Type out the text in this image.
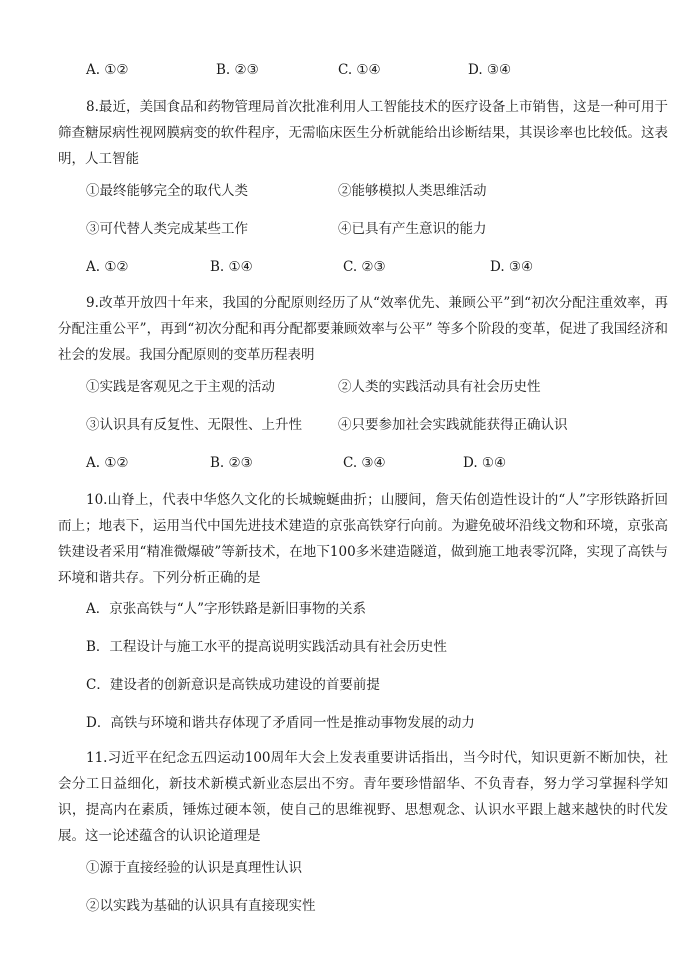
A. ①②	B. ②③	C. ①④	D. ③④
8.最近，美国食品和药物管理局首次批准利用人工智能技术的医疗设备上市销售，这是一种可用于筛查糖尿病性视网膜病变的软件程序，无需临床医生分析就能给出诊断结果，其误诊率也比较低。这表明，人工智能
①最终能够完全的取代人类	②能够模拟人类思维活动
③可代替人类完成某些工作	④已具有产生意识的能力
A. ①②	B. ①④	C. ②③	D. ③④
9.改革开放四十年来，我国的分配原则经历了从“效率优先、兼顾公平”到“初次分配注重效率，再分配注重公平”，再到“初次分配和再分配都要兼顾效率与公平” 等多个阶段的变革，促进了我国经济和社会的发展。我国分配原则的变革历程表明
①实践是客观见之于主观的活动	②人类的实践活动具有社会历史性
③认识具有反复性、无限性、上升性	④只要参加社会实践就能获得正确认识
A. ①②	B. ②③	C. ③④	D. ①④
10.山脊上，代表中华悠久文化的长城蜿蜒曲折；山腰间，詹天佑创造性设计的“人”字形铁路折回而上；地表下，运用当代中国先进技术建造的京张高铁穿行向前。为避免破坏沿线文物和环境，京张高铁建设者采用“精准微爆破”等新技术，在地下100多米建造隧道，做到施工地表零沉降，实现了高铁与环境和谐共存。下列分析正确的是
A．京张高铁与“人”字形铁路是新旧事物的关系
B．工程设计与施工水平的提高说明实践活动具有社会历史性
C．建设者的创新意识是高铁成功建设的首要前提
D．高铁与环境和谐共存体现了矛盾同一性是推动事物发展的动力
11.习近平在纪念五四运动100周年大会上发表重要讲话指出，当今时代，知识更新不断加快，社会分工日益细化，新技术新模式新业态层出不穷。青年要珍惜韶华、不负青春，努力学习掌握科学知识，提高内在素质，锤炼过硬本领，使自己的思维视野、思想观念、认识水平跟上越来越快的时代发展。这一论述蕴含的认识论道理是
①源于直接经验的认识是真理性认识
②以实践为基础的认识具有直接现实性
